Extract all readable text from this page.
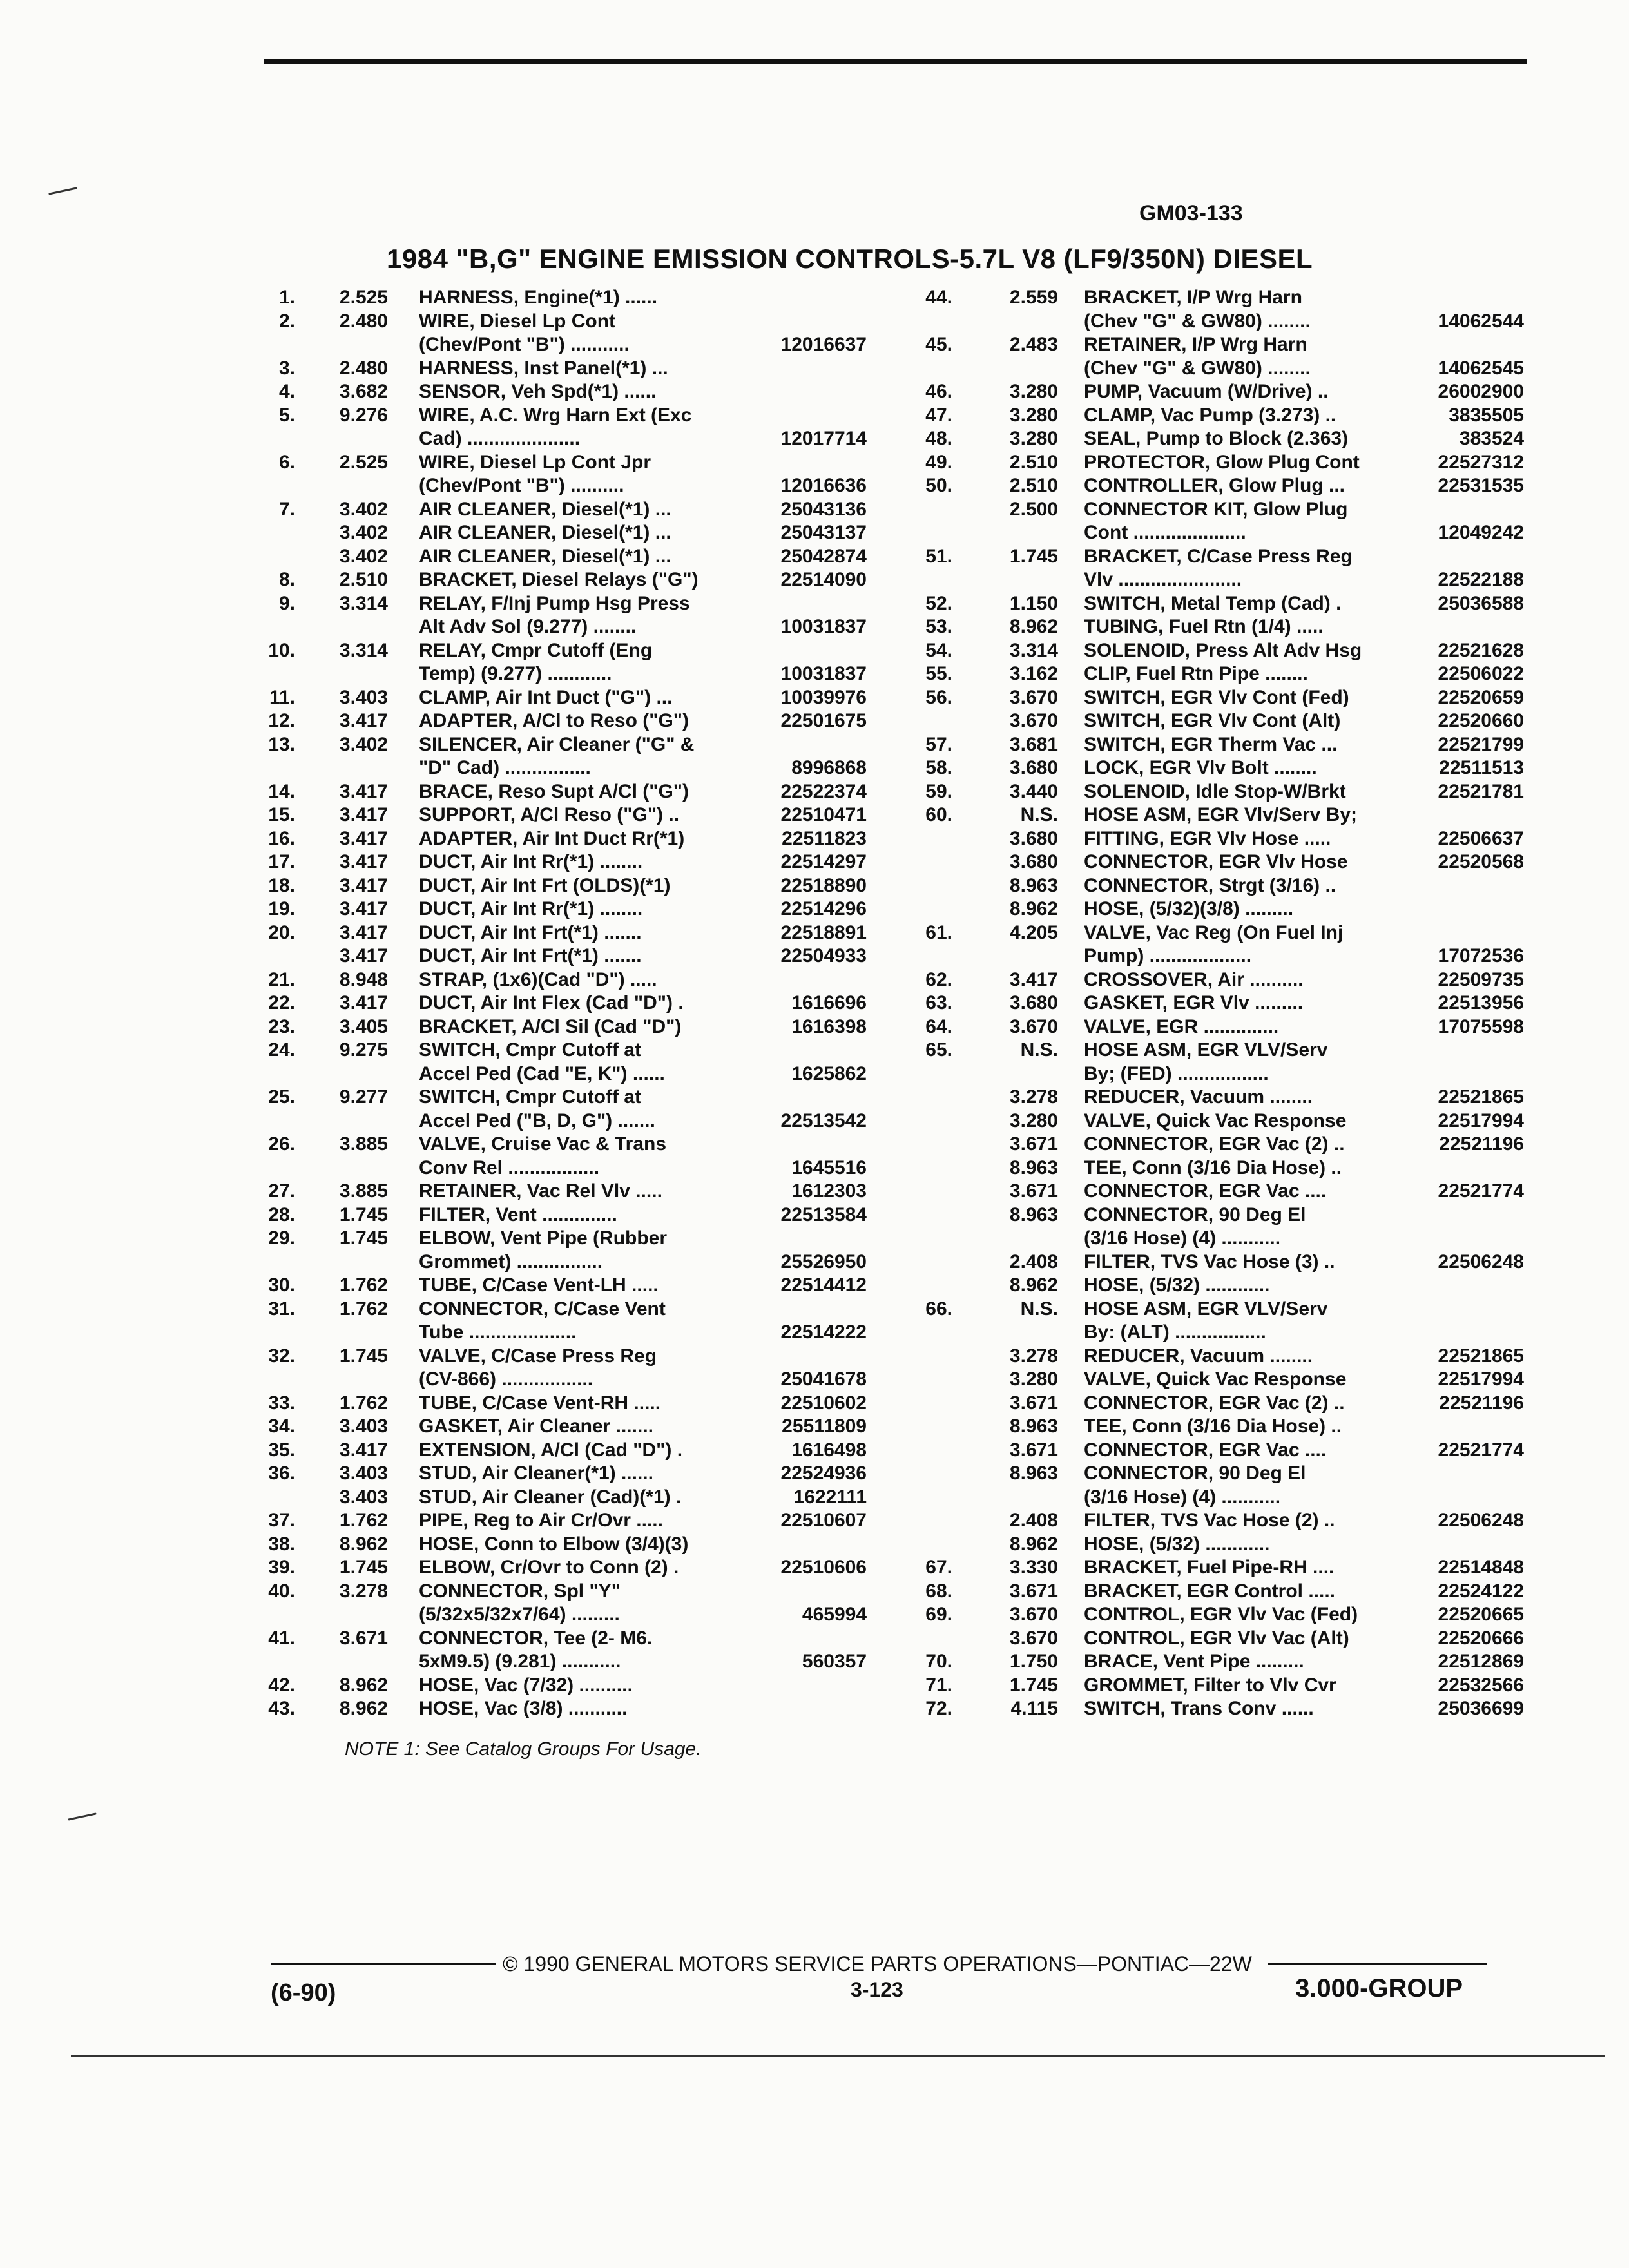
GM03-133
1984 "B,G" ENGINE EMISSION CONTROLS-5.7L V8 (LF9/350N) DIESEL
1.	2.525 HARNESS, Engine(*1) ......
2.	2.480 WIRE, Diesel Lp Cont
(Chev/Pont "B") ...........	12016637
3.	2.480 HARNESS, Inst Panel(*1) ...
4.	3.682 SENSOR, Veh Spd(*1) ......
5.	9.276 WIRE, A.C. Wrg Harn Ext (Exc
Cad) .....................	12017714
6.	2.525 WIRE, Diesel Lp Cont Jpr
(Chev/Pont "B") ..........	12016636
7.	3.402 AIR CLEANER, Diesel(*1) ...	25043136
3.402 AIR CLEANER, Diesel(*1) ...	25043137
3.402 AIR CLEANER, Diesel(*1) ...	25042874
8.	2.510 BRACKET, Diesel Relays ("G")	22514090
9.	3.314 RELAY, F/Inj Pump Hsg Press
Alt Adv Sol (9.277) ........	10031837
10.	3.314 RELAY, Cmpr Cutoff (Eng
Temp) (9.277) ............	10031837
11.	3.403 CLAMP, Air Int Duct ("G") ...	10039976
12.	3.417 ADAPTER, A/Cl to Reso ("G")	22501675
13.	3.402 SILENCER, Air Cleaner ("G" &
"D" Cad) ................	8996868
14.	3.417 BRACE, Reso Supt A/Cl ("G")	22522374
15.	3.417 SUPPORT, A/Cl Reso ("G") ..	22510471
16.	3.417 ADAPTER, Air Int Duct Rr(*1)	22511823
17.	3.417 DUCT, Air Int Rr(*1) ........	22514297
18.	3.417 DUCT, Air Int Frt (OLDS)(*1)	22518890
19.	3.417 DUCT, Air Int Rr(*1) ........	22514296
20.	3.417 DUCT, Air Int Frt(*1) .......	22518891
3.417 DUCT, Air Int Frt(*1) .......	22504933
21.	8.948 STRAP, (1x6)(Cad "D") .....
22.	3.417 DUCT, Air Int Flex (Cad "D") .	1616696
23.	3.405 BRACKET, A/Cl Sil (Cad "D")	1616398
24.	9.275 SWITCH, Cmpr Cutoff at
Accel Ped (Cad "E, K") ......	1625862
25.	9.277 SWITCH, Cmpr Cutoff at
Accel Ped ("B, D, G") .......	22513542
26.	3.885 VALVE, Cruise Vac & Trans
Conv Rel .................	1645516
27.	3.885 RETAINER, Vac Rel Vlv .....	1612303
28.	1.745 FILTER, Vent ..............	22513584
29.	1.745 ELBOW, Vent Pipe (Rubber
Grommet) ................	25526950
30.	1.762 TUBE, C/Case Vent-LH .....	22514412
31.	1.762 CONNECTOR, C/Case Vent
Tube ....................	22514222
32.	1.745 VALVE, C/Case Press Reg
(CV-866) .................	25041678
33.	1.762 TUBE, C/Case Vent-RH .....	22510602
34.	3.403 GASKET, Air Cleaner .......	25511809
35.	3.417 EXTENSION, A/Cl (Cad "D") .	1616498
36.	3.403 STUD, Air Cleaner(*1) ......	22524936
3.403 STUD, Air Cleaner (Cad)(*1) .	1622111
37.	1.762 PIPE, Reg to Air Cr/Ovr .....	22510607
38.	8.962 HOSE, Conn to Elbow (3/4)(3)
39.	1.745 ELBOW, Cr/Ovr to Conn (2) .	22510606
40.	3.278 CONNECTOR, Spl "Y"
(5/32x5/32x7/64) .........	465994
41.	3.671 CONNECTOR, Tee (2- M6.
5xM9.5) (9.281) ...........	560357
42.	8.962 HOSE, Vac (7/32) ..........
43.	8.962 HOSE, Vac (3/8) ...........
44.	2.559 BRACKET, I/P Wrg Harn
(Chev "G" & GW80) ........	14062544
45.	2.483 RETAINER, I/P Wrg Harn
(Chev "G" & GW80) ........	14062545
46.	3.280 PUMP, Vacuum (W/Drive) ..	26002900
47.	3.280 CLAMP, Vac Pump (3.273) ..	3835505
48.	3.280 SEAL, Pump to Block (2.363)	383524
49.	2.510 PROTECTOR, Glow Plug Cont	22527312
50.	2.510 CONTROLLER, Glow Plug ...	22531535
2.500 CONNECTOR KIT, Glow Plug
Cont .....................	12049242
51.	1.745 BRACKET, C/Case Press Reg
Vlv .......................	22522188
52.	1.150 SWITCH, Metal Temp (Cad) .	25036588
53.	8.962 TUBING, Fuel Rtn (1/4) .....
54.	3.314 SOLENOID, Press Alt Adv Hsg	22521628
55.	3.162 CLIP, Fuel Rtn Pipe ........	22506022
56.	3.670 SWITCH, EGR Vlv Cont (Fed)	22520659
3.670 SWITCH, EGR Vlv Cont (Alt)	22520660
57.	3.681 SWITCH, EGR Therm Vac ...	22521799
58.	3.680 LOCK, EGR Vlv Bolt ........	22511513
59.	3.440 SOLENOID, Idle Stop-W/Brkt	22521781
60.	N.S. HOSE ASM, EGR Vlv/Serv By;
3.680 FITTING, EGR Vlv Hose .....	22506637
3.680 CONNECTOR, EGR Vlv Hose	22520568
8.963 CONNECTOR, Strgt (3/16) ..
8.962 HOSE, (5/32)(3/8) .........
61.	4.205 VALVE, Vac Reg (On Fuel Inj
Pump) ...................	17072536
62.	3.417 CROSSOVER, Air ..........	22509735
63.	3.680 GASKET, EGR Vlv .........	22513956
64.	3.670 VALVE, EGR ..............	17075598
65.	N.S. HOSE ASM, EGR VLV/Serv
By; (FED) .................
3.278 REDUCER, Vacuum ........	22521865
3.280 VALVE, Quick Vac Response	22517994
3.671 CONNECTOR, EGR Vac (2) ..	22521196
8.963 TEE, Conn (3/16 Dia Hose) ..
3.671 CONNECTOR, EGR Vac ....	22521774
8.963 CONNECTOR, 90 Deg El
(3/16 Hose) (4) ...........
2.408 FILTER, TVS Vac Hose (3) ..	22506248
8.962 HOSE, (5/32) ............
66.	N.S. HOSE ASM, EGR VLV/Serv
By: (ALT) .................
3.278 REDUCER, Vacuum ........	22521865
3.280 VALVE, Quick Vac Response	22517994
3.671 CONNECTOR, EGR Vac (2) ..	22521196
8.963 TEE, Conn (3/16 Dia Hose) ..
3.671 CONNECTOR, EGR Vac ....	22521774
8.963 CONNECTOR, 90 Deg El
(3/16 Hose) (4) ...........
2.408 FILTER, TVS Vac Hose (2) ..	22506248
8.962 HOSE, (5/32) ............
67.	3.330 BRACKET, Fuel Pipe-RH ....	22514848
68.	3.671 BRACKET, EGR Control .....	22524122
69.	3.670 CONTROL, EGR Vlv Vac (Fed)	22520665
3.670 CONTROL, EGR Vlv Vac (Alt)	22520666
70.	1.750 BRACE, Vent Pipe .........	22512869
71.	1.745 GROMMET, Filter to Vlv Cvr	22532566
72.	4.115 SWITCH, Trans Conv ......	25036699
NOTE 1: See Catalog Groups For Usage.
© 1990 GENERAL MOTORS SERVICE PARTS OPERATIONS—PONTIAC—22W
(6-90)	3-123	3.000-GROUP
